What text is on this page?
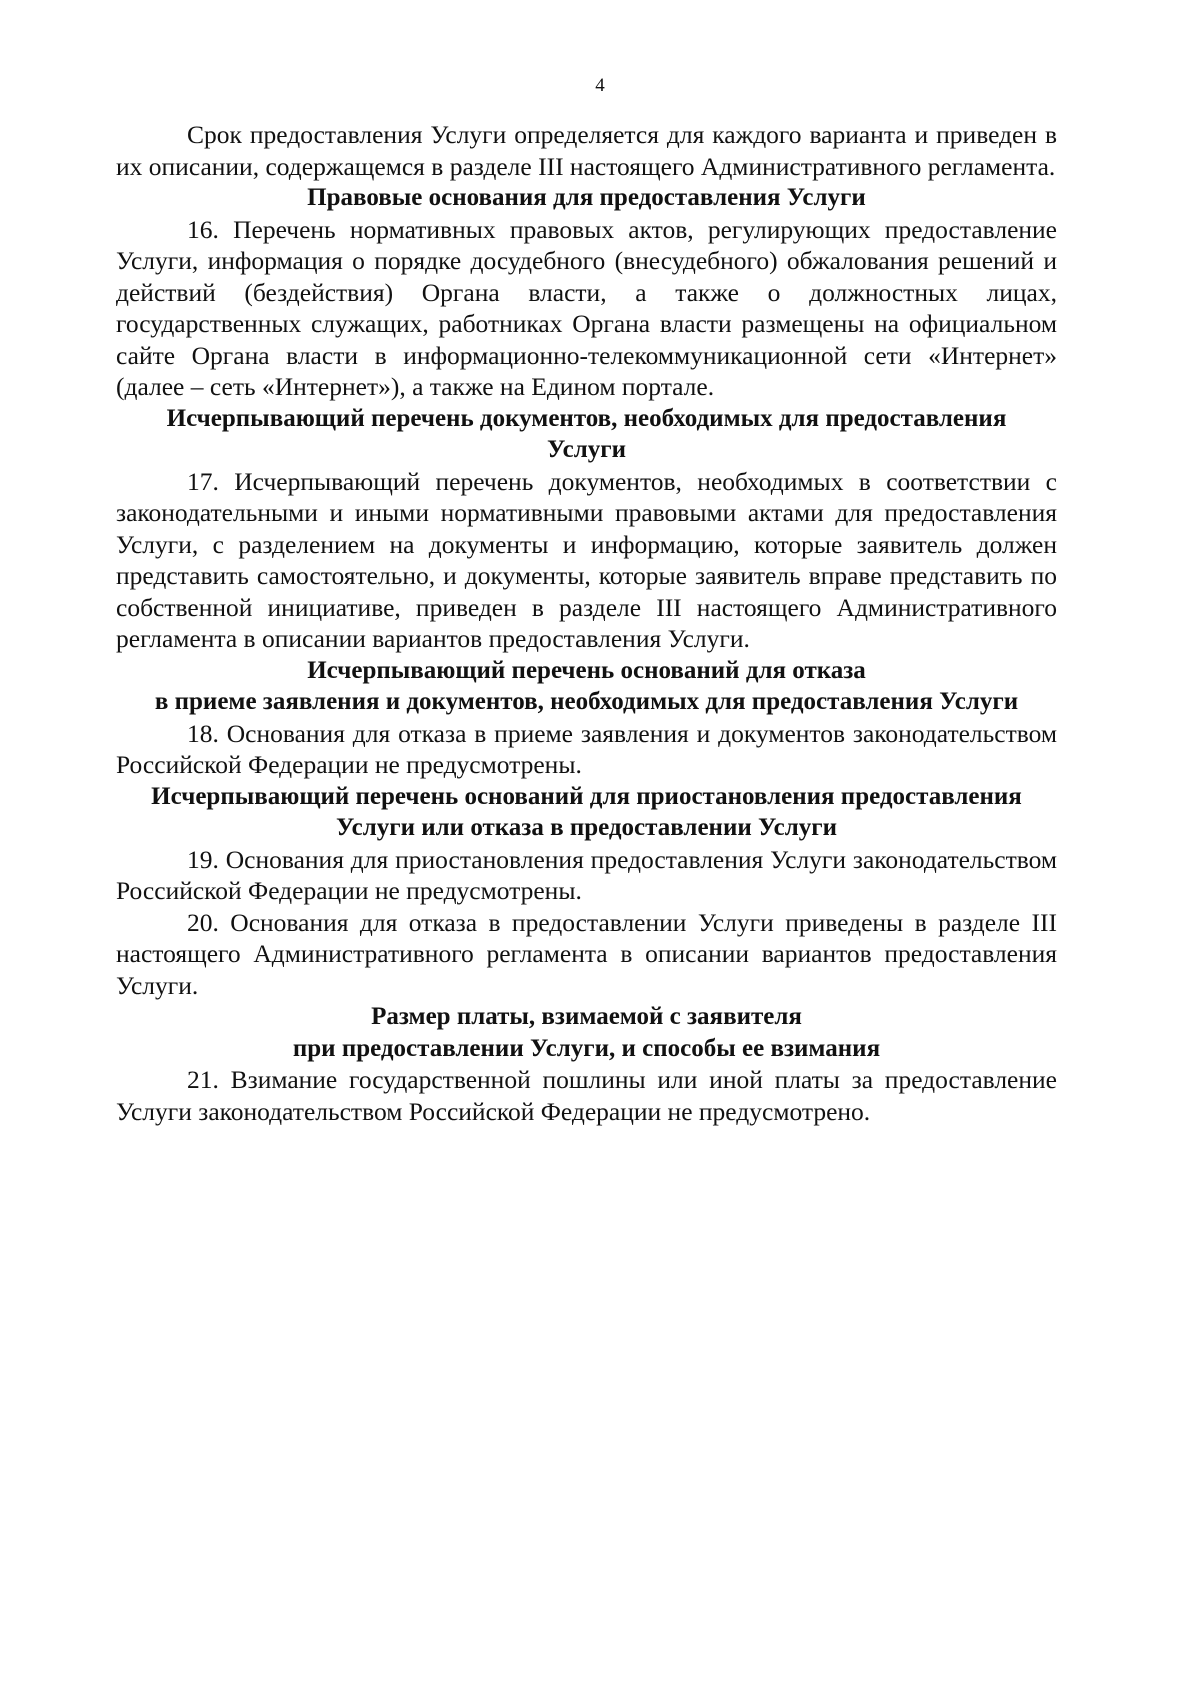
4

Срок предоставления Услуги определяется для каждого варианта и приведен в их описании, содержащемся в разделе III настоящего Административного регламента.

Правовые основания для предоставления Услуги

16. Перечень нормативных правовых актов, регулирующих предоставление Услуги, информация о порядке досудебного (внесудебного) обжалования решений и действий (бездействия) Органа власти, а также о должностных лицах, государственных служащих, работниках Органа власти размещены на официальном сайте Органа власти в информационно-телекоммуникационной сети «Интернет» (далее – сеть «Интернет»), а также на Едином портале.

Исчерпывающий перечень документов, необходимых для предоставления
Услуги

17. Исчерпывающий перечень документов, необходимых в соответствии с законодательными и иными нормативными правовыми актами для предоставления Услуги, с разделением на документы и информацию, которые заявитель должен представить самостоятельно, и документы, которые заявитель вправе представить по собственной инициативе, приведен в разделе III настоящего Административного регламента в описании вариантов предоставления Услуги.

Исчерпывающий перечень оснований для отказа
в приеме заявления и документов, необходимых для предоставления Услуги

18. Основания для отказа в приеме заявления и документов законодательством Российской Федерации не предусмотрены.

Исчерпывающий перечень оснований для приостановления предоставления
Услуги или отказа в предоставлении Услуги

19. Основания для приостановления предоставления Услуги законодательством Российской Федерации не предусмотрены.

20. Основания для отказа в предоставлении Услуги приведены в разделе III настоящего Административного регламента в описании вариантов предоставления Услуги.

Размер платы, взимаемой с заявителя
при предоставлении Услуги, и способы ее взимания

21. Взимание государственной пошлины или иной платы за предоставление Услуги законодательством Российской Федерации не предусмотрено.
